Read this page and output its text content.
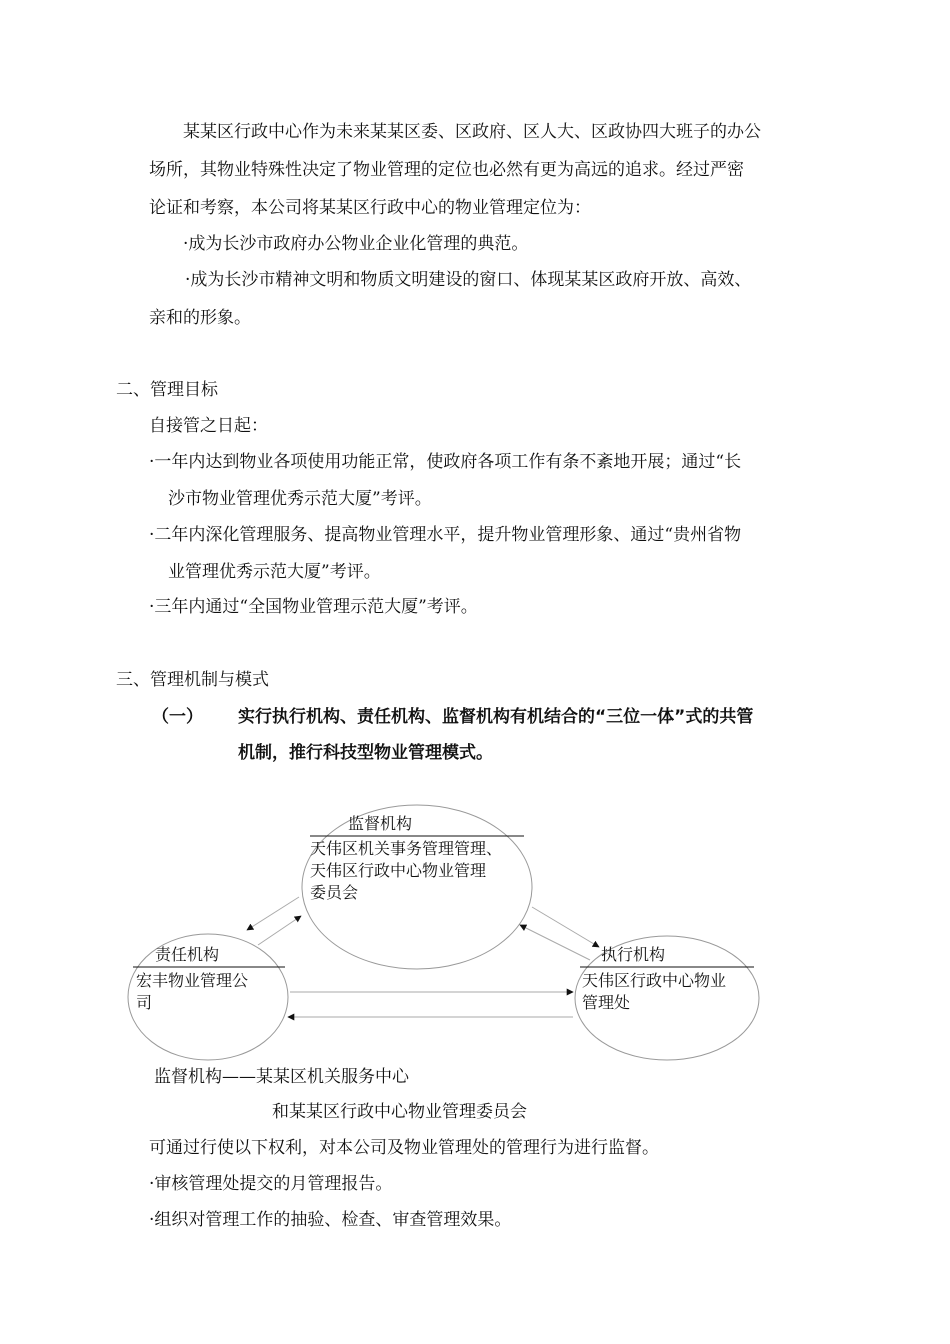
某某区行政中心作为未来某某区委、区政府、区人大、区政协四大班子的办公
场所，其物业特殊性决定了物业管理的定位也必然有更为高远的追求。经过严密
论证和考察，本公司将某某区行政中心的物业管理定位为：
·成为长沙市政府办公物业企业化管理的典范。
·成为长沙市精神文明和物质文明建设的窗口、体现某某区政府开放、高效、
亲和的形象。
二、管理目标
自接管之日起：
·一年内达到物业各项使用功能正常，使政府各项工作有条不紊地开展；通过“长
沙市物业管理优秀示范大厦”考评。
·二年内深化管理服务、提高物业管理水平，提升物业管理形象、通过“贵州省物
业管理优秀示范大厦”考评。
·三年内通过“全国物业管理示范大厦”考评。
三、管理机制与模式
（一） 实行执行机构、责任机构、监督机构有机结合的“三位一体”式的共管
机制，推行科技型物业管理模式。
监督机构
天伟区机关事务管理管理、
天伟区行政中心物业管理
委员会
责任机构
宏丰物业管理公
司
执行机构
天伟区行政中心物业
管理处
监督机构——某某区机关服务中心
和某某区行政中心物业管理委员会
可通过行使以下权利，对本公司及物业管理处的管理行为进行监督。
·审核管理处提交的月管理报告。
·组织对管理工作的抽验、检查、审查管理效果。
